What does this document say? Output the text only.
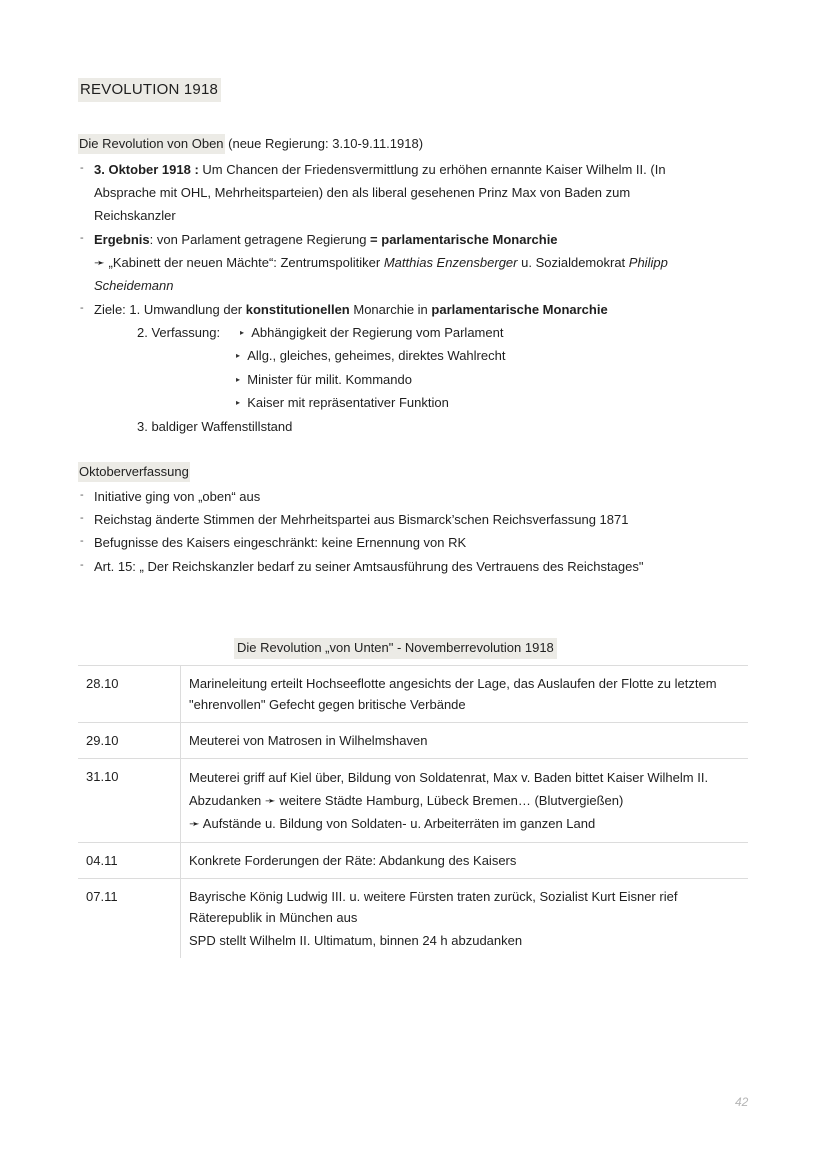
REVOLUTION 1918
Die Revolution von Oben (neue Regierung: 3.10-9.11.1918)
- 3. Oktober 1918 : Um Chancen der Friedensvermittlung zu erhöhen ernannte Kaiser Wilhelm II. (In
Absprache mit OHL, Mehrheitsparteien) den als liberal gesehenen Prinz Max von Baden zum
Reichskanzler
- Ergebnis: von Parlament getragene Regierung = parlamentarische Monarchie
➛ „Kabinett der neuen Mächte“: Zentrumspolitiker Matthias Enzensberger u. Sozialdemokrat Philipp
Scheidemann
- Ziele: 1. Umwandlung der konstitutionellen Monarchie in parlamentarische Monarchie
2. Verfassung: ▸ Abhängigkeit der Regierung vom Parlament
▸ Allg., gleiches, geheimes, direktes Wahlrecht
▸ Minister für milit. Kommando
▸ Kaiser mit repräsentativer Funktion
3. baldiger Waffenstillstand
Oktoberverfassung
- Initiative ging von „oben“ aus
- Reichstag änderte Stimmen der Mehrheitspartei aus Bismarck’schen Reichsverfassung 1871
- Befugnisse des Kaisers eingeschränkt: keine Ernennung von RK
- Art. 15: „ Der Reichskanzler bedarf zu seiner Amtsausführung des Vertrauens des Reichstages"
Die Revolution „von Unten" - Novemberrevolution 1918
28.10	Marineleitung erteilt Hochseeflotte angesichts der Lage, das Auslaufen der Flotte zu letztem "ehrenvollen" Gefecht gegen britische Verbände
29.10	Meuterei von Matrosen in Wilhelmshaven
31.10	Meuterei griff auf Kiel über, Bildung von Soldatenrat, Max v. Baden bittet Kaiser Wilhelm II. Abzudanken ➛ weitere Städte Hamburg, Lübeck Bremen… (Blutvergießen)
➛ Aufstände u. Bildung von Soldaten- u. Arbeiterräten im ganzen Land

04.11	Konkrete Forderungen der Räte: Abdankung des Kaisers
07.11	Bayrische König Ludwig III. u. weitere Fürsten traten zurück, Sozialist Kurt Eisner rief Räterepublik in München aus
SPD stellt Wilhelm II. Ultimatum, binnen 24 h abzudanken
42
